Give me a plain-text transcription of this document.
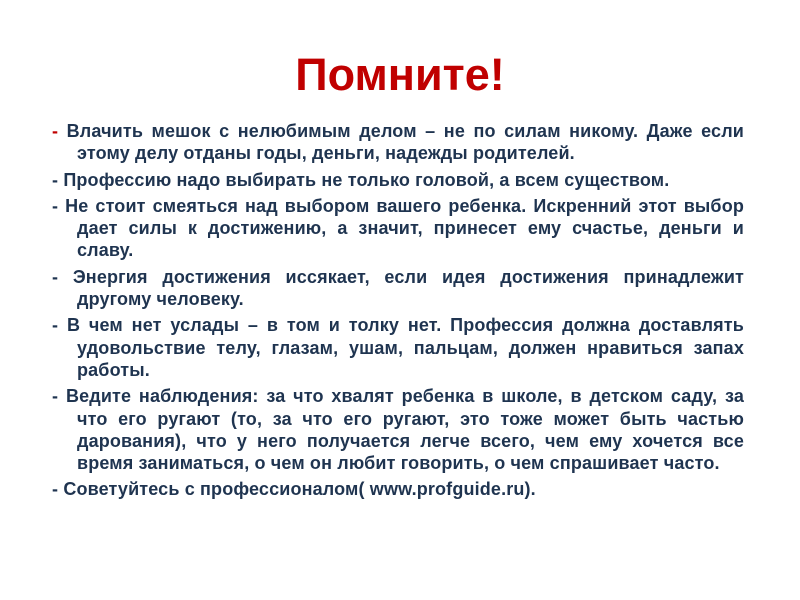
Помните!
- Влачить мешок с нелюбимым делом – не по силам никому. Даже если этому делу отданы годы, деньги, надежды родителей.
- Профессию надо выбирать не только головой, а всем существом.
- Не стоит смеяться над выбором вашего ребенка. Искренний этот выбор дает силы к достижению, а значит, принесет ему счастье, деньги и славу.
- Энергия достижения иссякает, если идея достижения принадлежит другому человеку.
- В чем нет услады – в том и толку нет. Профессия должна доставлять удовольствие телу, глазам, ушам, пальцам, должен нравиться запах работы.
- Ведите наблюдения: за что хвалят ребенка в школе, в детском саду, за что его ругают (то, за что его ругают, это тоже может быть частью дарования), что у него получается легче всего, чем ему хочется все время заниматься, о чем он любит говорить, о чем спрашивает часто.
- Советуйтесь с профессионалом( www.profguide.ru).
